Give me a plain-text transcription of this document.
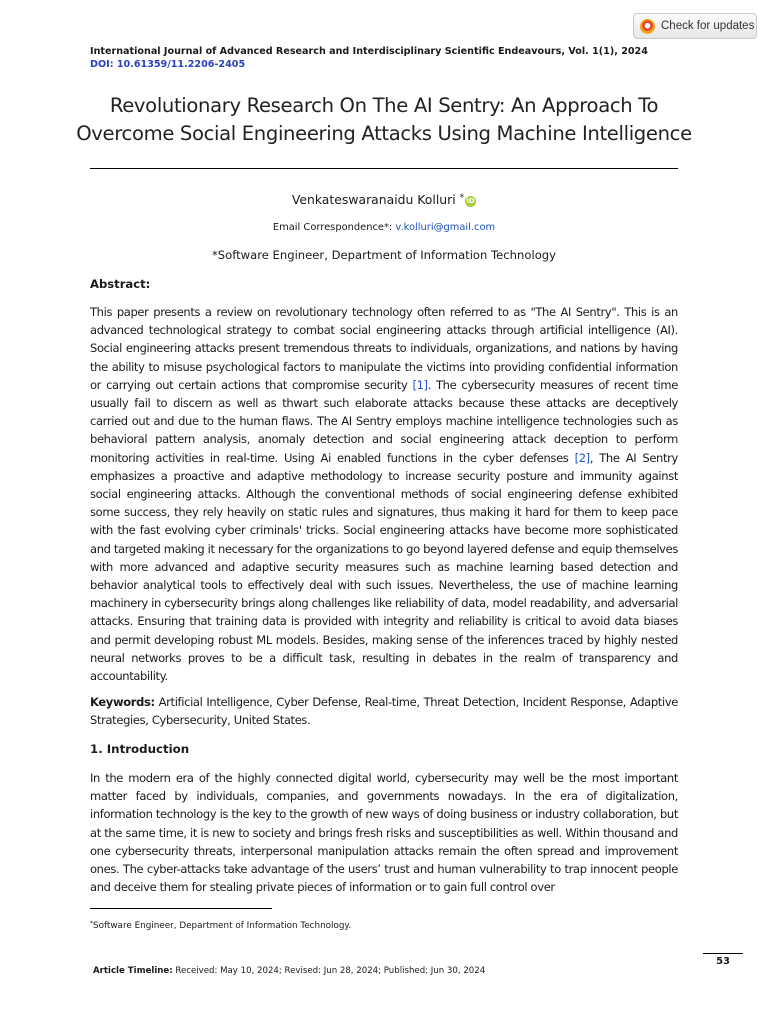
Check for updates
International Journal of Advanced Research and Interdisciplinary Scientific Endeavours, Vol. 1(1), 2024
DOI: 10.61359/11.2206-2405
Revolutionary Research On The AI Sentry: An Approach To
Overcome Social Engineering Attacks Using Machine Intelligence
Venkateswaranaidu Kolluri * iD
Email Correspondence*: v.kolluri@gmail.com
*Software Engineer, Department of Information Technology
Abstract:
This paper presents a review on revolutionary technology often referred to as "The AI Sentry". This is an advanced technological strategy to combat social engineering attacks through artificial intelligence (AI). Social engineering attacks present tremendous threats to individuals, organizations, and nations by having the ability to misuse psychological factors to manipulate the victims into providing confidential information or carrying out certain actions that compromise security [1]. The cybersecurity measures of recent time usually fail to discern as well as thwart such elaborate attacks because these attacks are deceptively carried out and due to the human flaws. The AI Sentry employs machine intelligence technologies such as behavioral pattern analysis, anomaly detection and social engineering attack deception to perform monitoring activities in real-time. Using Ai enabled functions in the cyber defenses [2], The AI Sentry emphasizes a proactive and adaptive methodology to increase security posture and immunity against social engineering attacks. Although the conventional methods of social engineering defense exhibited some success, they rely heavily on static rules and signatures, thus making it hard for them to keep pace with the fast evolving cyber criminals' tricks. Social engineering attacks have become more sophisticated and targeted making it necessary for the organizations to go beyond layered defense and equip themselves with more advanced and adaptive security measures such as machine learning based detection and behavior analytical tools to effectively deal with such issues. Nevertheless, the use of machine learning machinery in cybersecurity brings along challenges like reliability of data, model readability, and adversarial attacks. Ensuring that training data is provided with integrity and reliability is critical to avoid data biases and permit developing robust ML models. Besides, making sense of the inferences traced by highly nested neural networks proves to be a difficult task, resulting in debates in the realm of transparency and accountability.
Keywords: Artificial Intelligence, Cyber Defense, Real-time, Threat Detection, Incident Response, Adaptive Strategies, Cybersecurity, United States.
1. Introduction
In the modern era of the highly connected digital world, cybersecurity may well be the most important matter faced by individuals, companies, and governments nowadays. In the era of digitalization, information technology is the key to the growth of new ways of doing business or industry collaboration, but at the same time, it is new to society and brings fresh risks and susceptibilities as well. Within thousand and one cybersecurity threats, interpersonal manipulation attacks remain the often spread and improvement ones. The cyber-attacks take advantage of the users’ trust and human vulnerability to trap innocent people and deceive them for stealing private pieces of information or to gain full control over
*Software Engineer, Department of Information Technology.
53
Article Timeline: Received: May 10, 2024; Revised: Jun 28, 2024; Published: Jun 30, 2024
